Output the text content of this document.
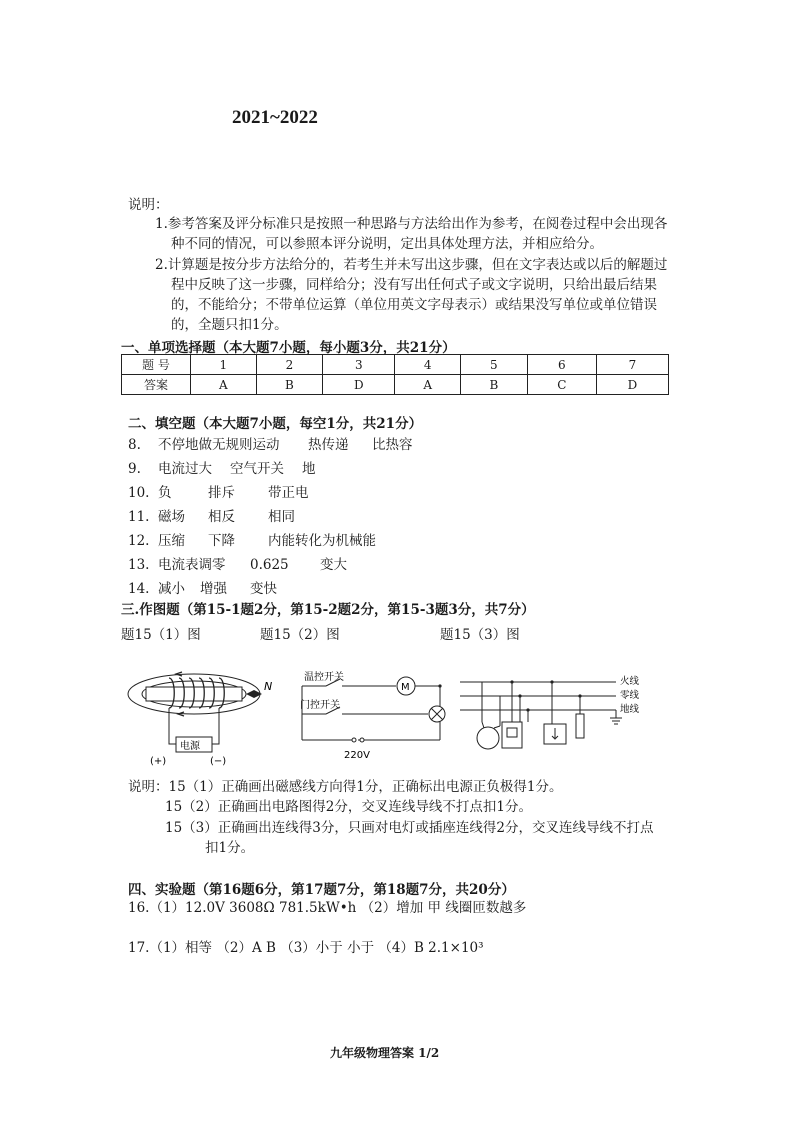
2021~2022
说明：
1.参考答案及评分标准只是按照一种思路与方法给出作为参考，在阅卷过程中会出现各
种不同的情况，可以参照本评分说明，定出具体处理方法，并相应给分。
2.计算题是按分步方法给分的，若考生并未写出这步骤，但在文字表达或以后的解题过
程中反映了这一步骤，同样给分；没有写出任何式子或文字说明，只给出最后结果
的，不能给分；不带单位运算（单位用英文字母表示）或结果没写单位或单位错误
的，全题只扣1分。
一、单项选择题（本大题7小题，每小题3分，共21分）
题 号	1	2	3	4	5	6	7
答案	A	B	D	A	B	C	D
二、填空题（本大题7小题，每空1分，共21分）
8.	不停地做无规则运动	热传递	比热容
9.	电流过大	空气开关	地
10. 负	排斥	带正电
11. 磁场	相反	相同
12. 压缩	下降	内能转化为机械能
13. 电流表调零	0.625	变大
14. 减小	增强	变快
三.作图题（第15-1题2分，第15-2题2分，第15-3题3分，共7分）
题15（1）图	题15（2）图	题15（3）图
N
电源
(+)	(−)
温控开关
门控开关
M
220V
火线
零线
地线
说明：15（1）正确画出磁感线方向得1分，正确标出电源正负极得1分。
15（2）正确画出电路图得2分，交叉连线导线不打点扣1分。
15（3）正确画出连线得3分，只画对电灯或插座连线得2分，交叉连线导线不打点
扣1分。
四、实验题（第16题6分，第17题7分，第18题7分，共20分）
16.（1）12.0V 3608Ω 781.5kW•h （2）增加 甲 线圈匝数越多
17.（1）相等 （2）A B （3）小于 小于 （4）B 2.1×10³
九年级物理答案 1/2
